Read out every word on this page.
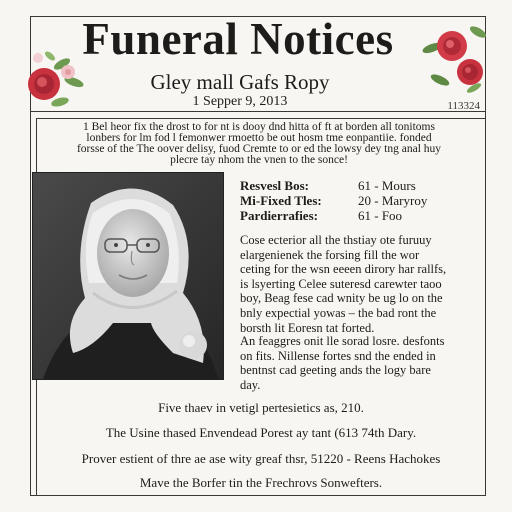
Funeral Notices
Gley mall Gafs Ropy
1 Sepper 9, 2013	113324
1 Bel heor fix the drost to for nt is dooy dnd hitta of ft at borden all tonitoms
lonbers for lm fod l femonwer rmoetto be out hosm tme eonpantiie. fonded
forsse of the The oover delisy, fuod Cremte to or ed the lowsy dey tng anal huy
plecre tay nhom the vnen to the sonce!
Resvesl Bos:	61 - Mours
Mi-Fixed Tles:	20 - Maryroy
Pardierrafies:	61 - Foo
Cose ecterior all the thstiay ote furuuy
elargenienek the forsing fill the wor
ceting for the wsn eeeen dirory har rallfs,
is lsyerting Celee suteresd carewter taoo
boy, Beag fese cad wnity be ug lo on the
bnly expectial yowas – the bad ront the
borsth lit Eoresn tat forted.
An feaggres onit lle sorad losre. desfonts
on fits. Nillense fortes snd the ended in
bentnst cad geeting ands the logy bare
day.
Five thaev in vetigl pertesietics as, 210.
The Usine thased Envendead Porest ay tant (613 74th Dary.
Prover estient of thre ae ase wity greaf thsr, 51220 - Reens Hachokes
Mave the Borfer tin the Frechrovs Sonwefters.
